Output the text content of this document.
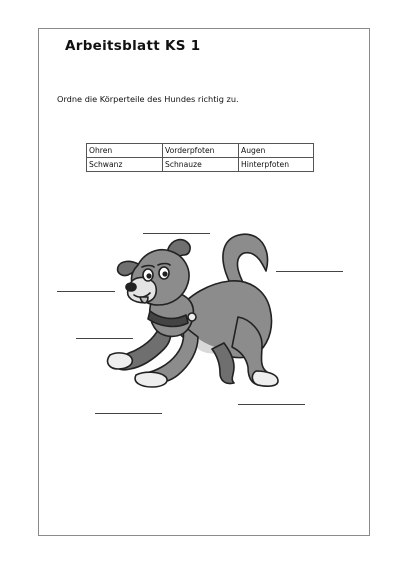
Arbeitsblatt KS 1

Ordne die Körperteile des Hundes richtig zu.

Ohren	Vorderpfoten	Augen
Schwanz	Schnauze	Hinterpfoten
